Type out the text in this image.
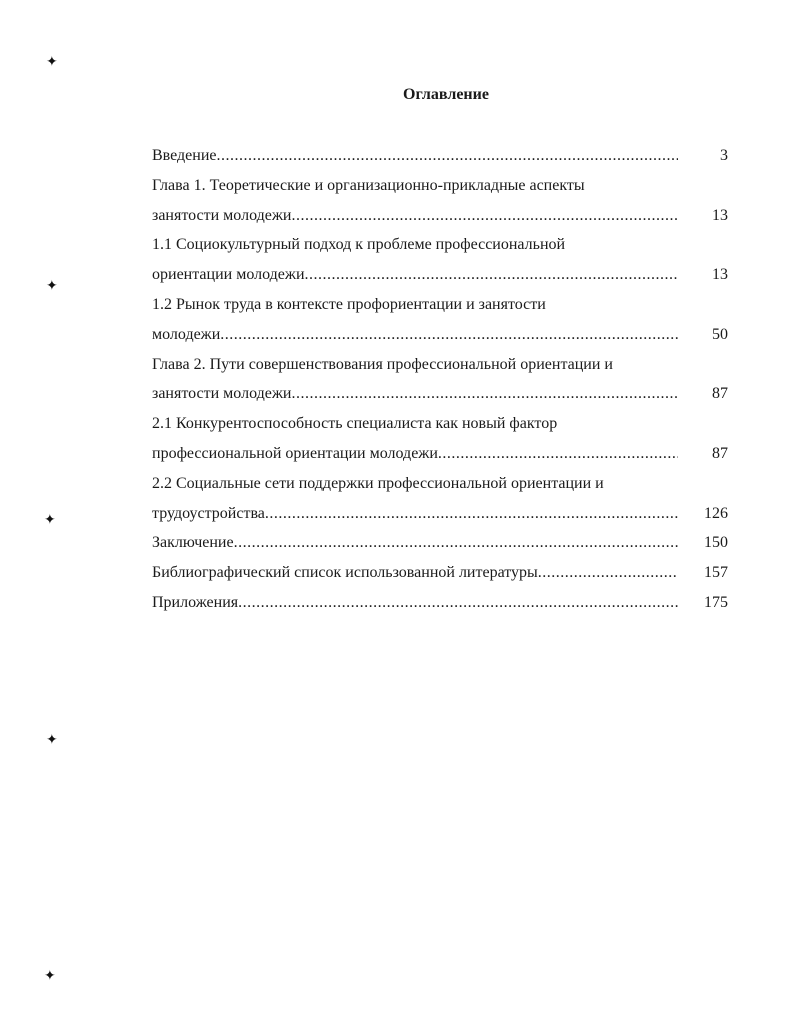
Оглавление
Введение .....	3
Глава 1. Теоретические и организационно-прикладные аспекты
занятости молодежи .....	13
1.1 Социокультурный подход к проблеме профессиональной
ориентации молодежи .....	13
1.2 Рынок труда в контексте профориентации и занятости
молодежи .....	50
Глава 2. Пути совершенствования профессиональной ориентации и
занятости молодежи .....	87
2.1 Конкурентоспособность специалиста как новый фактор
профессиональной ориентации молодежи .....	87
2.2 Социальные сети поддержки профессиональной ориентации и
трудоустройства .....	126
Заключение .....	150
Библиографический список использованной литературы .....	157
Приложения .....	175
✦
✦
✦
✦
✦
